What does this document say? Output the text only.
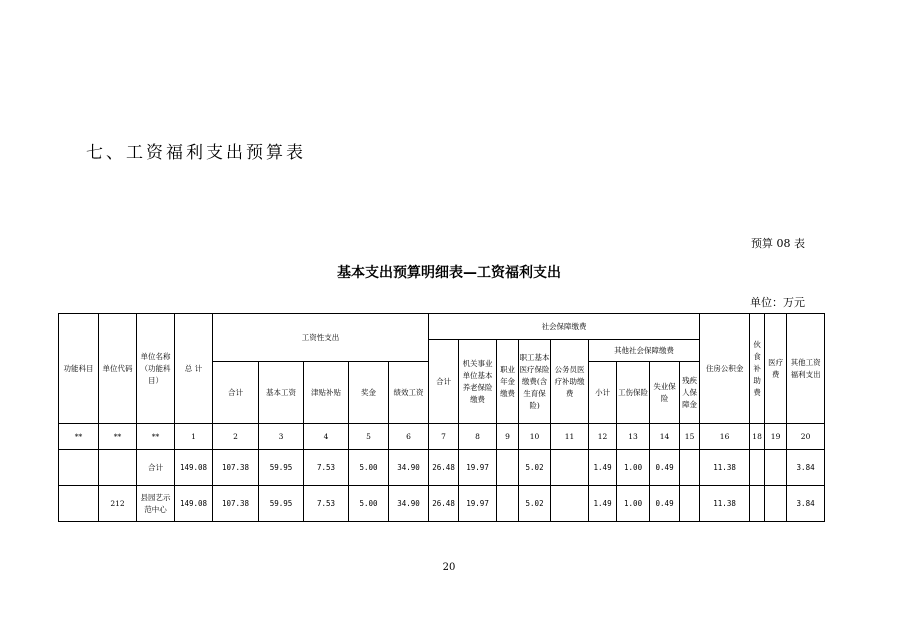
七、工资福利支出预算表
预算 08 表
基本支出预算明细表—工资福利支出
单位：万元
功能科目	单位代码	单位名称（功能科目）	总 计	工资性支出					社会保障缴费									住房公积金	伙食补助费	医疗费	其他工资福利支出
									合计	机关事业单位基本养老保险缴费	职业年金缴费	职工基本医疗保险缴费(含生育保险)	公务员医疗补助缴费	其他社会保障缴费							
				合计	基本工资	津贴补贴	奖金	绩效工资						小计	工伤保险	失业保险	残疾人保障金				
**	**	**	1	2	3	4	5	6	7	8	9	10	11	12	13	14	15	16	18	19	20
		合计	149.08	107.38	59.95	7.53	5.00	34.90	26.48	19.97		5.02		1.49	1.00	0.49		11.38			3.84
	212	县园艺示范中心	149.08	107.38	59.95	7.53	5.00	34.90	26.48	19.97		5.02		1.49	1.00	0.49		11.38			3.84
20
